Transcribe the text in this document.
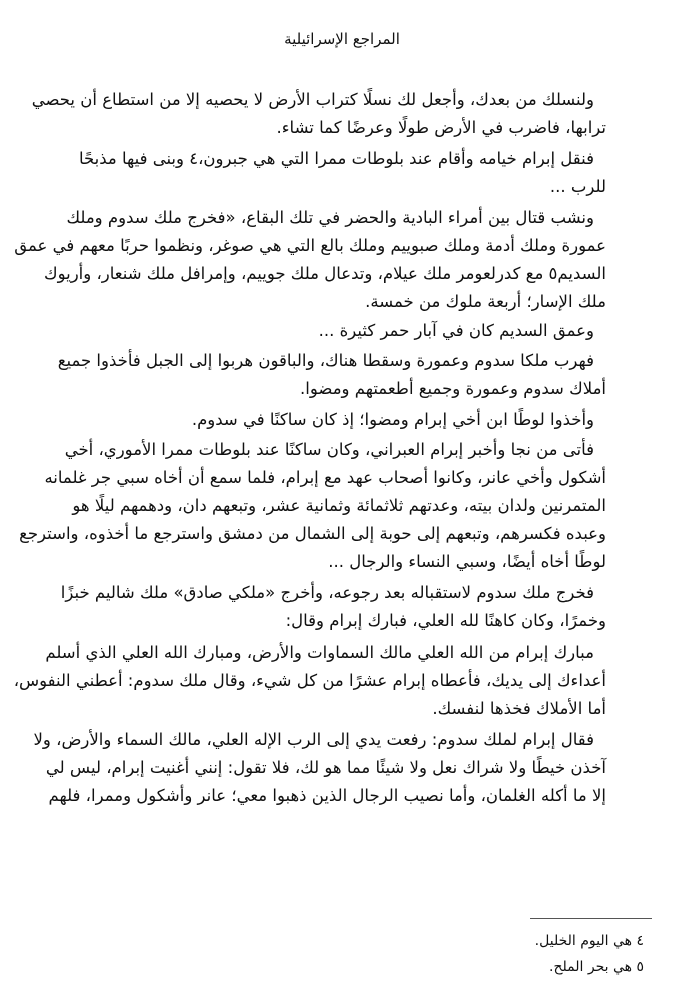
المراجع الإسرائيلية
ولنسلك من بعدك، وأجعل لك نسلًا كتراب الأرض لا يحصيه إلا من استطاع أن يحصي
ترابها، فاضرب في الأرض طولًا وعرضًا كما تشاء.
فنقل إبرام خيامه وأقام عند بلوطات ممرا التي هي جبرون،٤ وبنى فيها مذبحًا
للرب ...
ونشب قتال بين أمراء البادية والحضر في تلك البقاع، «فخرج ملك سدوم وملك
عمورة وملك أدمة وملك صبوييم وملك بالع التي هي صوغر، ونظموا حربًا معهم في عمق
السديم٥ مع كدرلعومر ملك عيلام، وتدعال ملك جوييم، وإمرافل ملك شنعار، وأريوك
ملك الإسار؛ أربعة ملوك من خمسة.
وعمق السديم كان في آبار حمر كثيرة ...
فهرب ملكا سدوم وعمورة وسقطا هناك، والباقون هربوا إلى الجبل فأخذوا جميع
أملاك سدوم وعمورة وجميع أطعمتهم ومضوا.
وأخذوا لوطًا ابن أخي إبرام ومضوا؛ إذ كان ساكنًا في سدوم.
فأتى من نجا وأخبر إبرام العبراني، وكان ساكنًا عند بلوطات ممرا الأموري، أخي
أشكول وأخي عانر، وكانوا أصحاب عهد مع إبرام، فلما سمع أن أخاه سبي جر غلمانه
المتمرنين ولدان بيته، وعدتهم ثلاثمائة وثمانية عشر، وتبعهم دان، ودهمهم ليلًا هو
وعبده فكسرهم، وتبعهم إلى حوبة إلى الشمال من دمشق واسترجع ما أخذوه، واسترجع
لوطًا أخاه أيضًا، وسبي النساء والرجال ...
فخرج ملك سدوم لاستقباله بعد رجوعه، وأخرج «ملكي صادق» ملك شاليم خبزًا
وخمرًا، وكان كاهنًا لله العلي، فبارك إبرام وقال:
مبارك إبرام من الله العلي مالك السماوات والأرض، ومبارك الله العلي الذي أسلم
أعداءك إلى يديك، فأعطاه إبرام عشرًا من كل شيء، وقال ملك سدوم: أعطني النفوس،
أما الأملاك فخذها لنفسك.
فقال إبرام لملك سدوم: رفعت يدي إلى الرب الإله العلي، مالك السماء والأرض، ولا
آخذن خيطًا ولا شراك نعل ولا شيئًا مما هو لك، فلا تقول: إنني أغنيت إبرام، ليس لي
إلا ما أكله الغلمان، وأما نصيب الرجال الذين ذهبوا معي؛ عانر وأشكول وممرا، فلهم
٤ هي اليوم الخليل.
٥ هي بحر الملح.
